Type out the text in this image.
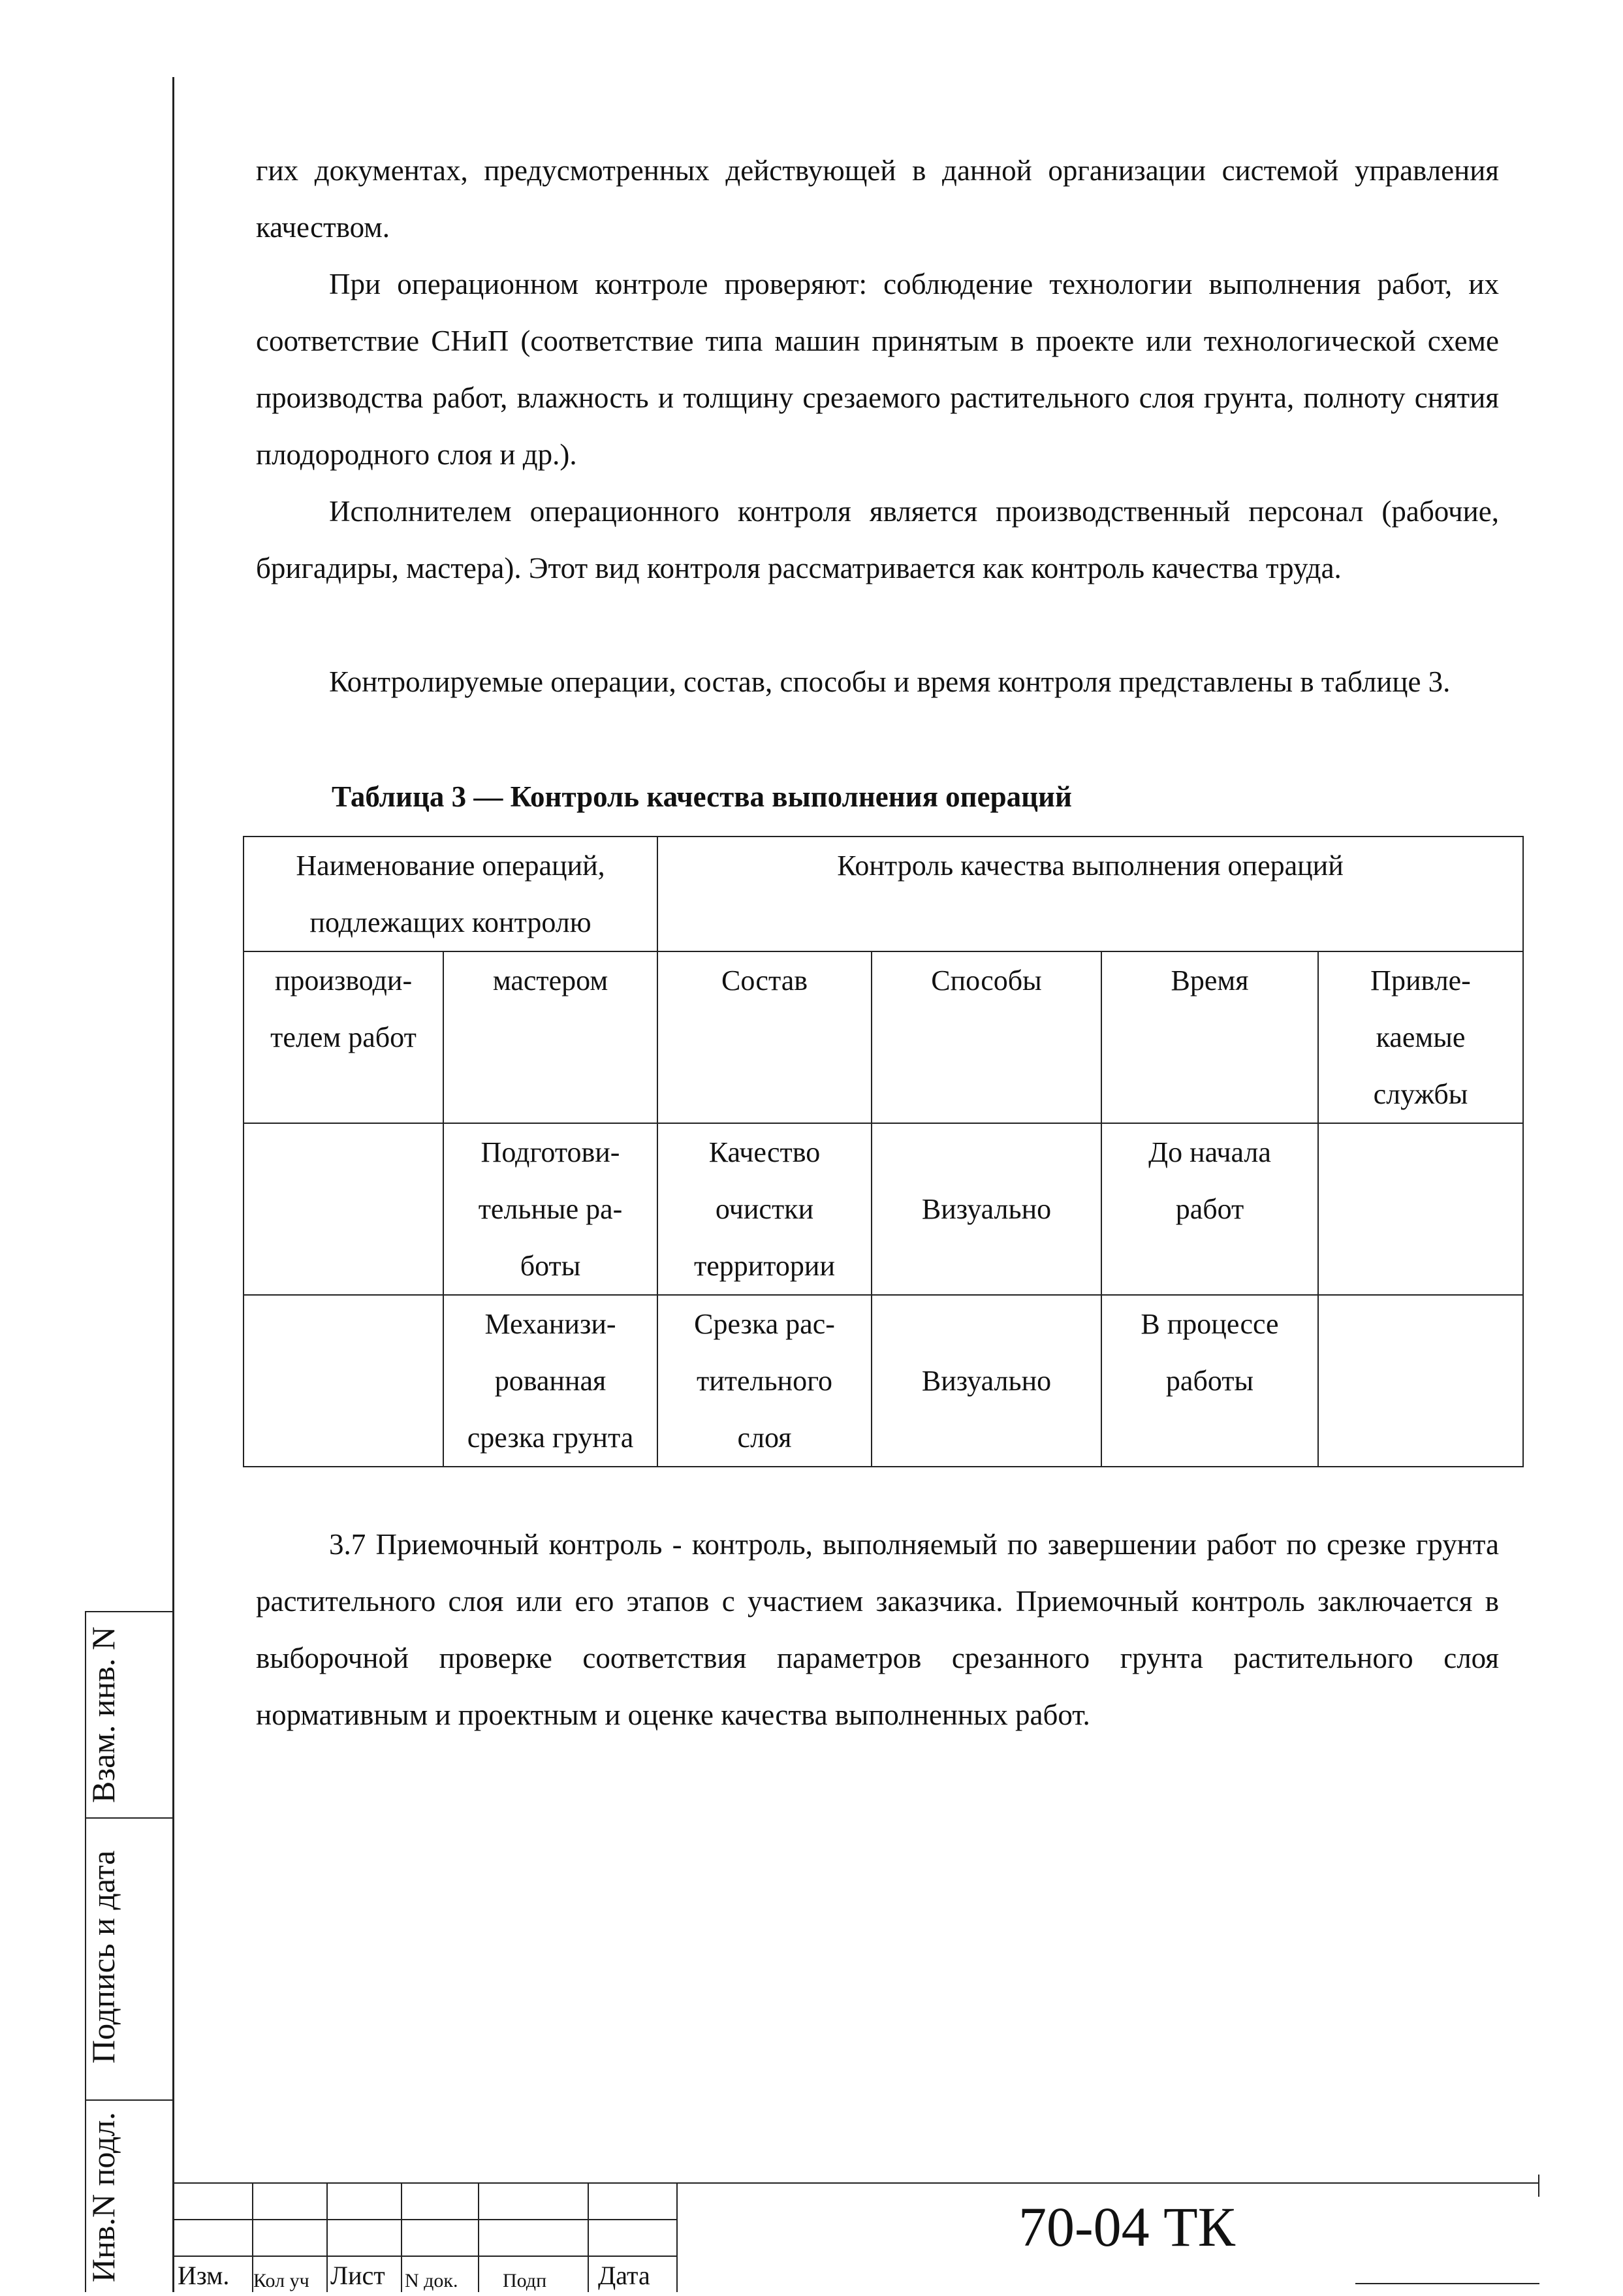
гих документах, предусмотренных действующей в данной организации системой управления качеством.

При операционном контроле проверяют: соблюдение технологии выполнения работ, их соответствие СНиП (соответствие типа машин принятым в проекте или технологической схеме производства работ, влажность и толщину срезаемого растительного слоя грунта, полноту снятия плодородного слоя и др.).

Исполнителем операционного контроля является производственный персонал (рабочие, бригадиры, мастера). Этот вид контроля рассматривается как контроль качества труда.

Контролируемые операции, состав, способы и время контроля представлены в таблице 3.

Таблица 3 — Контроль качества выполнения операций
Наименование операций,
подлежащих контролю		Контроль качества выполнения операций			

производи-
телем работ	мастером	Состав	Способы	Время	Привле-
каемые
службы

	Подготови-
тельные ра-
боты	Качество
очистки
территории	Визуально	До начала
работ	

	Механизи-
рованная
срезка грунта	Срезка рас-
тительного
слоя	Визуально	В процессе
работы	

3.7 Приемочный контроль - контроль, выполняемый по завершении работ по срезке грунта растительного слоя или его этапов с участием заказчика. Приемочный контроль заключается в выборочной проверке соответствия параметров срезанного грунта растительного слоя нормативным и проектным и оценке качества выполненных работ.

Взам. инв. N
Подпись и дата
Инв.N подл. Изм. Кол уч Лист N док. Подп Дата
70-04 ТК
